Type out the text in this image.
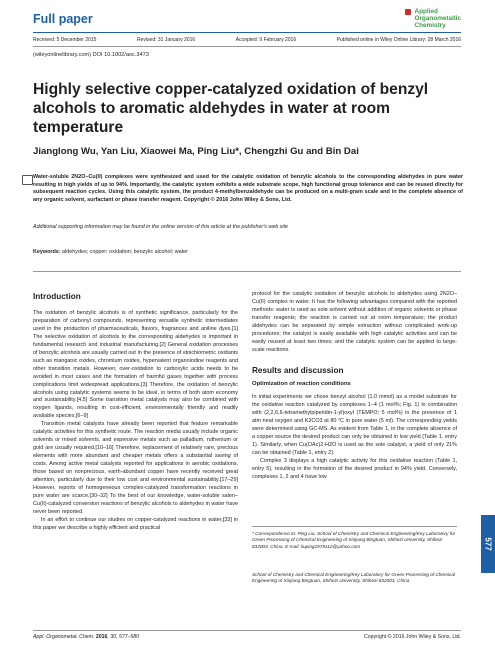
Full paper
Applied
Organometallic
Chemistry
Received: 5 December 2015	Revised: 31 January 2016	Accepted: 9 February 2016	Published online in Wiley Online Library: 28 March 2016
(wileyonlinelibrary.com) DOI 10.1002/aoc.3473
Highly selective copper-catalyzed oxidation of benzyl alcohols to aromatic aldehydes in water at room temperature
Jianglong Wu, Yan Liu, Xiaowei Ma, Ping Liu*, Chengzhi Gu and Bin Dai
Water-soluble 2N2O–Cu(II) complexes were synthesized and used for the catalytic oxidation of benzylic alcohols to the corresponding aldehydes in pure water resulting in high yields of up to 94%. Importantly, the catalytic system exhibits a wide substrate scope, high functional group tolerance and can be reused directly for subsequent reaction cycles. Using this catalytic system, the product 4-methylbenzaldehyde can be produced on a multi-gram scale and in the complete absence of any organic solvent, surfactant or phase transfer reagent. Copyright © 2016 John Wiley & Sons, Ltd.
Additional supporting information may be found in the online version of this article at the publisher's web site
Keywords: aldehydes; copper; oxidation; benzylic alcohol; water
Introduction

The oxidation of benzylic alcohols is of synthetic significance, particularly for the preparation of carbonyl compounds, representing versatile synthetic intermediates used in the production of pharmaceuticals, flavors, fragrances and aniline dyes.[1] The selective oxidation of alcohols to the corresponding aldehydes is important in fundamental research and industrial manufacturing.[2] General oxidation processes of benzylic alcohols are usually carried out in the presence of stoichiometric oxidants such as manganic oxides, chromium oxides, hypervalent organoiodine reagents and other transition metals. However, over-oxidation to carboxylic acids needs to be avoided in most cases and the formation of harmful gases together with process complications limit widespread applications.[3] Therefore, the oxidation of benzylic alcohols using catalytic systems seems to be ideal, in terms of both atom economy and sustainability.[4,5] Some transition metal catalysts may also be combined with oxygen ligands, resulting in cost-efficient, environmentally friendly and readily available species.[6–9]

Transition metal catalysts have already been reported that feature remarkable catalytic activities for this synthetic route. The reaction media usually include organic solvents or mixed solvents, and expensive metals such as palladium, ruthenium or gold are usually required.[10–16] Therefore, replacement of relatively rare, precious elements with more abundant and cheaper metals offers a substantial saving of costs. Among active metal catalysts reported for applications in aerobic oxidations, those based on nonprecious, earth-abundant copper have recently received great attention, particularly due to their low cost and environmental sustainability.[17–29] However, reports of homogeneous complex-catalyzed transformation reactions in pure water are scarce.[30–32] To the best of our knowledge, water-soluble salen–Cu(II)-catalyzed conversion reactions of benzylic alcohols to aldehydes in water have never been reported.

In an effort to continue our studies on copper-catalyzed reactions in water,[33] in this paper we describe a highly efficient and practical

protocol for the catalytic oxidation of benzylic alcohols to aldehydes using 2N2O–Cu(II) complex in water. It has the following advantages compared with the reported methods: water is used as sole solvent without addition of organic solvents or phase transfer reagents; the reaction is carried out at room temperature; the product aldehydes can be separated by simple extraction without complicated work-up procedures; the catalyst is easily available with high catalytic activities and can be easily reused at least two times; and the catalytic system can be applied to large-scale reactions.

Results and discussion
Optimization of reaction conditions

In initial experiments we chose benzyl alcohol (1.0 mmol) as a model substrate for the oxidative reaction catalyzed by complexes 1–4 (1 mol%; Fig. 1) in combination with (2,2,6,6-tetramethylpiperidin-1-yl)oxyl (TEMPO; 5 mol%) in the presence of 1 atm neat oxygen and K2CO3 at 80 °C in pure water (5 ml). The corresponding yields were determined using GC-MS. As evident from Table 1, in the complete absence of a copper source the desired product can only be obtained in low yield (Table 1, entry 1). Similarly, when Cu(OAc)2·H2O is used as the sole catalyst, a yield of only 21% can be obtained (Table 1, entry 2).

Complex 3 displays a high catalytic activity for this oxidative reaction (Table 1, entry 5), resulting in the formation of the desired product in 94% yield. Conversely, complexes 1, 2 and 4 have low

* Correspondence to: Ping Liu, School of Chemistry and Chemical Engineering/Key Laboratory for Green Processing of Chemical Engineering of Xinjiang Bingtuan, Shihezi University, Shihezi 832003, China. E-mail: liuping1979112@yahoo.com
School of Chemistry and Chemical Engineering/Key Laboratory for Green Processing of Chemical Engineering of Xinjiang Bingtuan, Shihezi University, Shihezi 832003, China
577
Appl. Organometal. Chem. 2016, 30, 577–580	Copyright © 2016 John Wiley & Sons, Ltd.
